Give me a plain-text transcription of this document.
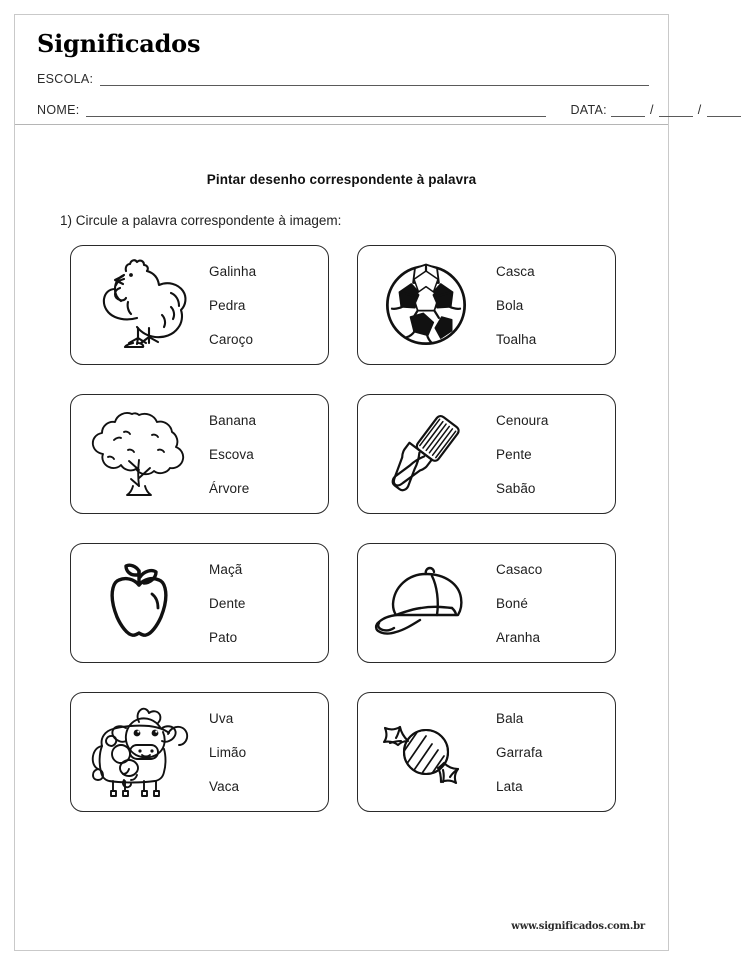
Significados
ESCOLA:
NOME:	DATA:	/	/
Pintar desenho correspondente à palavra
1) Circule a palavra correspondente à imagem:
Galinha
Pedra
Caroço
Casca
Bola
Toalha
Banana
Escova
Árvore
Cenoura
Pente
Sabão
Maçã
Dente
Pato
Casaco
Boné
Aranha
Uva
Limão
Vaca
Bala
Garrafa
Lata
www.significados.com.br
